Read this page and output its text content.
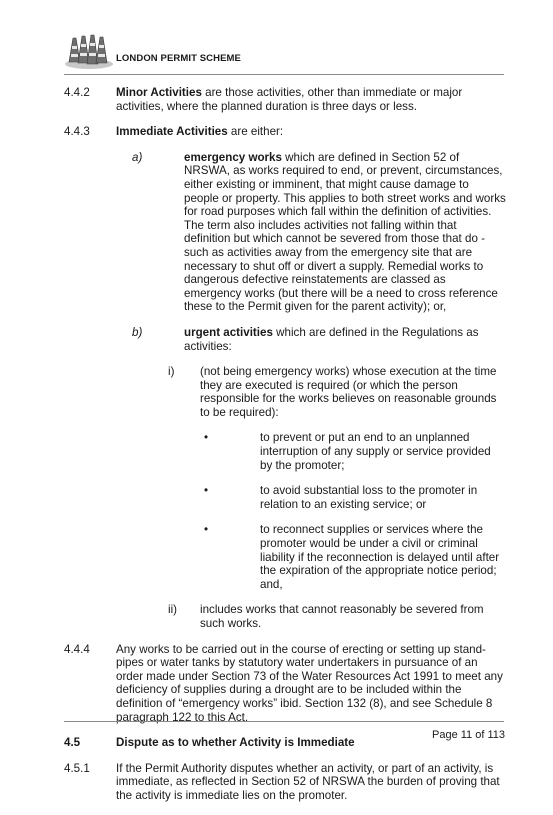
LONDON PERMIT SCHEME
4.4.2 Minor Activities are those activities, other than immediate or major activities, where the planned duration is three days or less.
4.4.3 Immediate Activities are either:
a)	emergency works which are defined in Section 52 of NRSWA, as works required to end, or prevent, circumstances, either existing or imminent, that might cause damage to people or property. This applies to both street works and works for road purposes which fall within the definition of activities. The term also includes activities not falling within that definition but which cannot be severed from those that do - such as activities away from the emergency site that are necessary to shut off or divert a supply. Remedial works to dangerous defective reinstatements are classed as emergency works (but there will be a need to cross reference these to the Permit given for the parent activity); or,
b)	urgent activities which are defined in the Regulations as activities:
i) (not being emergency works) whose execution at the time they are executed is required (or which the person responsible for the works believes on reasonable grounds to be required):
•	to prevent or put an end to an unplanned interruption of any supply or service provided by the promoter;
•	to avoid substantial loss to the promoter in relation to an existing service; or
•	to reconnect supplies or services where the promoter would be under a civil or criminal liability if the reconnection is delayed until after the expiration of the appropriate notice period; and,
ii) includes works that cannot reasonably be severed from such works.
4.4.4 Any works to be carried out in the course of erecting or setting up stand-pipes or water tanks by statutory water undertakers in pursuance of an order made under Section 73 of the Water Resources Act 1991 to meet any deficiency of supplies during a drought are to be included within the definition of “emergency works” ibid. Section 132 (8), and see Schedule 8 paragraph 122 to this Act.
4.5	Dispute as to whether Activity is Immediate
4.5.1 If the Permit Authority disputes whether an activity, or part of an activity, is immediate, as reflected in Section 52 of NRSWA the burden of proving that the activity is immediate lies on the promoter.
Page 11 of 113
